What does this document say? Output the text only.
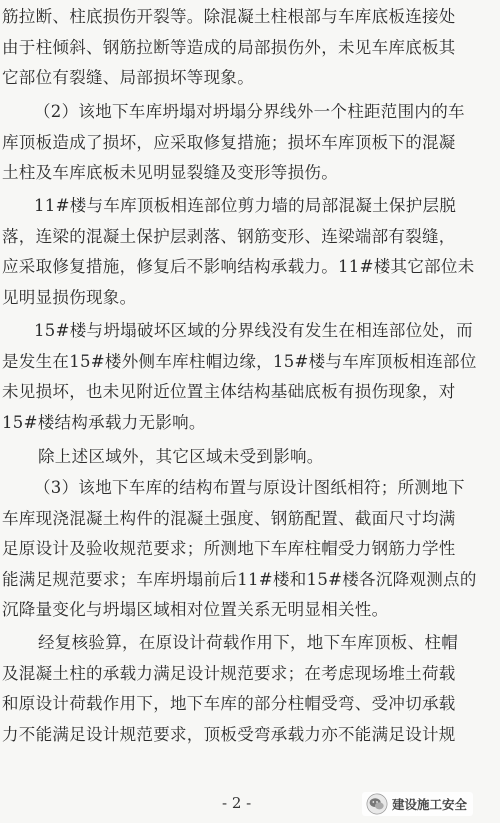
筋拉断、柱底损伤开裂等。除混凝土柱根部与车库底板连接处
由于柱倾斜、钢筋拉断等造成的局部损伤外，未见车库底板其
它部位有裂缝、局部损坏等现象。
（2）该地下车库坍塌对坍塌分界线外一个柱距范围内的车
库顶板造成了损坏，应采取修复措施；损坏车库顶板下的混凝
土柱及车库底板未见明显裂缝及变形等损伤。
11#楼与车库顶板相连部位剪力墙的局部混凝土保护层脱
落，连梁的混凝土保护层剥落、钢筋变形、连梁端部有裂缝，
应采取修复措施，修复后不影响结构承载力。11#楼其它部位未
见明显损伤现象。
15#楼与坍塌破坏区域的分界线没有发生在相连部位处，而
是发生在15#楼外侧车库柱帽边缘，15#楼与车库顶板相连部位
未见损坏，也未见附近位置主体结构基础底板有损伤现象，对
15#楼结构承载力无影响。
除上述区域外，其它区域未受到影响。
（3）该地下车库的结构布置与原设计图纸相符；所测地下
车库现浇混凝土构件的混凝土强度、钢筋配置、截面尺寸均满
足原设计及验收规范要求；所测地下车库柱帽受力钢筋力学性
能满足规范要求；车库坍塌前后11#楼和15#楼各沉降观测点的
沉降量变化与坍塌区域相对位置关系无明显相关性。
经复核验算，在原设计荷载作用下，地下车库顶板、柱帽
及混凝土柱的承载力满足设计规范要求；在考虑现场堆土荷载
和原设计荷载作用下，地下车库的部分柱帽受弯、受冲切承载
力不能满足设计规范要求，顶板受弯承载力亦不能满足设计规
- 2 -	建设施工安全
